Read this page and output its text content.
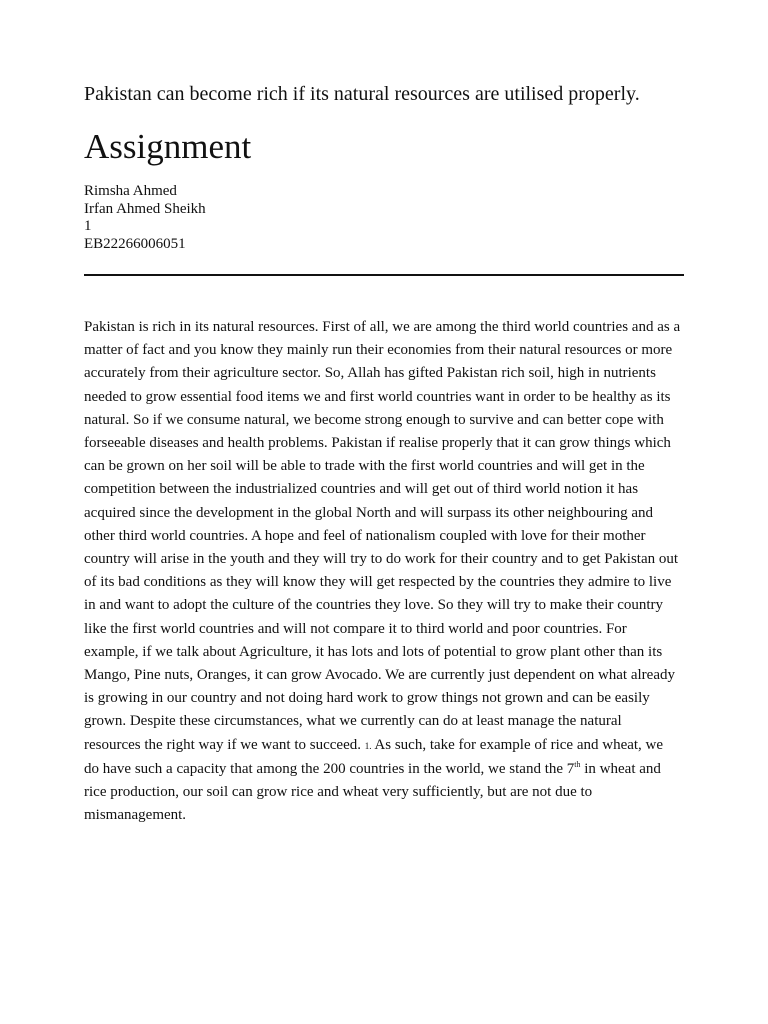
Pakistan can become rich if its natural resources are utilised properly.
Assignment
Rimsha Ahmed
Irfan Ahmed Sheikh
1
EB22266006051
Pakistan is rich in its natural resources. First of all, we are among the third world countries and as a
matter of fact and you know they mainly run their economies from their natural resources or more
accurately from their agriculture sector. So, Allah has gifted Pakistan rich soil, high in nutrients
needed to grow essential food items we and first world countries want in order to be healthy as its
natural. So if we consume natural, we become strong enough to survive and can better cope with
forseeable diseases and health problems. Pakistan if realise properly that it can grow things which
can be grown on her soil will be able to trade with the first world countries and will get in the
competition between the industrialized countries and will get out of third world notion it has
acquired since the development in the global North and will surpass its other neighbouring and
other third world countries. A hope and feel of nationalism coupled with love for their mother
country will arise in the youth and they will try to do work for their country and to get Pakistan out
of its bad conditions as they will know they will get respected by the countries they admire to live
in and want to adopt the culture of the countries they love. So they will try to make their country
like the first world countries and will not compare it to third world and poor countries. For
example, if we talk about Agriculture, it has lots and lots of potential to grow plant other than its
Mango, Pine nuts, Oranges, it can grow Avocado. We are currently just dependent on what already
is growing in our country and not doing hard work to grow things not grown and can be easily
grown. Despite these circumstances, what we currently can do at least manage the natural
resources the right way if we want to succeed. 1. As such, take for example of rice and wheat, we
do have such a capacity that among the 200 countries in the world, we stand the 7th in wheat and
rice production, our soil can grow rice and wheat very sufficiently, but are not due to
mismanagement.
